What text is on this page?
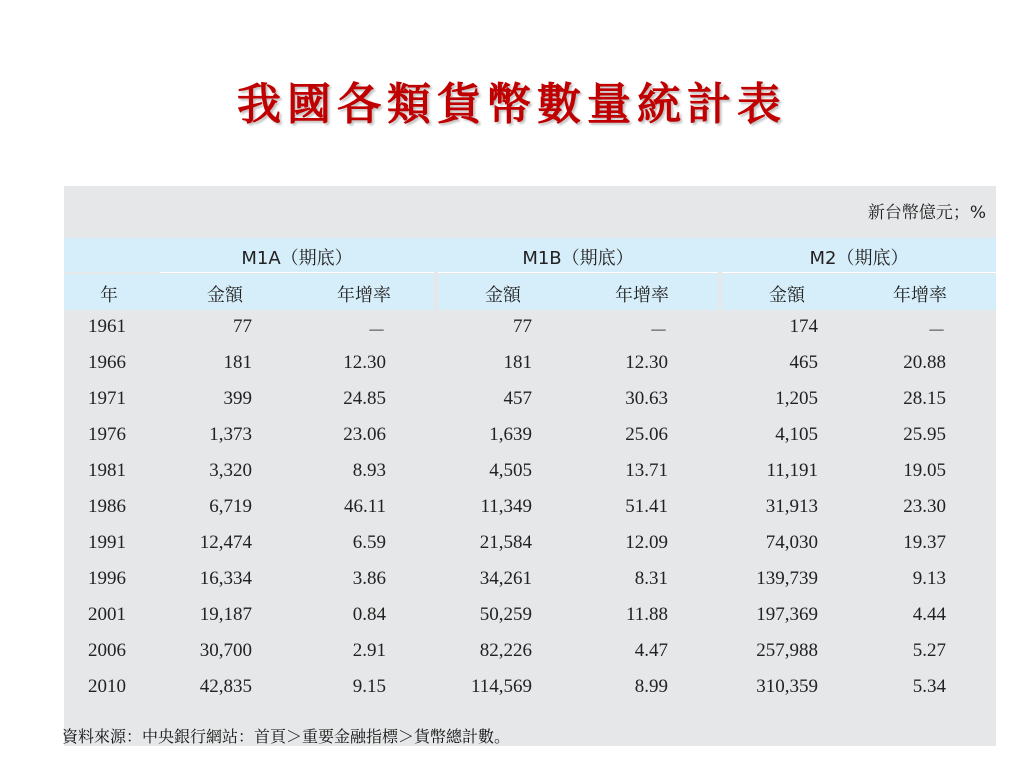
我國各類貨幣數量統計表
新台幣億元；%
M1A（期底）	M1B（期底）	M2（期底）
年	金額	年增率	金額	年增率	金額	年增率
1961	77	－	77	－	174	－
1966	181	12.30	181	12.30	465	20.88
1971	399	24.85	457	30.63	1,205	28.15
1976	1,373	23.06	1,639	25.06	4,105	25.95
1981	3,320	8.93	4,505	13.71	11,191	19.05
1986	6,719	46.11	11,349	51.41	31,913	23.30
1991	12,474	6.59	21,584	12.09	74,030	19.37
1996	16,334	3.86	34,261	8.31	139,739	9.13
2001	19,187	0.84	50,259	11.88	197,369	4.44
2006	30,700	2.91	82,226	4.47	257,988	5.27
2010	42,835	9.15	114,569	8.99	310,359	5.34
資料來源：中央銀行網站：首頁＞重要金融指標＞貨幣總計數。
